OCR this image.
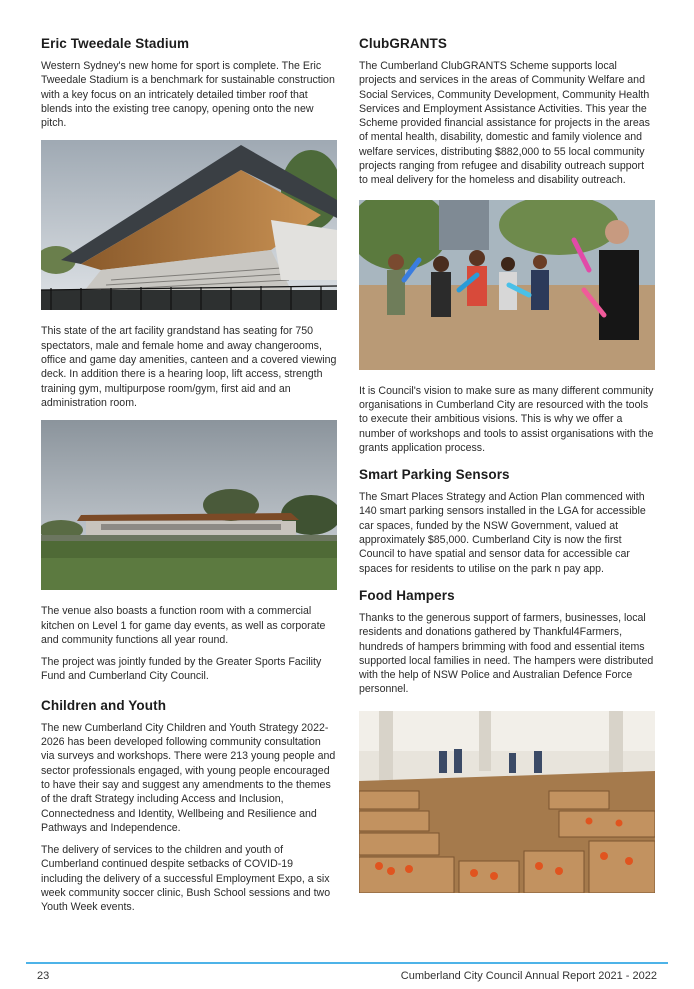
Eric Tweedale Stadium

Western Sydney's new home for sport is complete. The Eric Tweedale Stadium is a benchmark for sustainable construction with a key focus on an intricately detailed timber roof that blends into the existing tree canopy, opening onto the new pitch.

This state of the art facility grandstand has seating for 750 spectators, male and female home and away changerooms, office and game day amenities, canteen and a covered viewing deck. In addition there is a hearing loop, lift access, strength training gym, multipurpose room/gym, first aid and an administration room.

The venue also boasts a function room with a commercial kitchen on Level 1 for game day events, as well as corporate and community functions all year round.

The project was jointly funded by the Greater Sports Facility Fund and Cumberland City Council.

Children and Youth

The new Cumberland City Children and Youth Strategy 2022-2026 has been developed following community consultation via surveys and workshops. There were 213 young people and sector professionals engaged, with young people encouraged to have their say and suggest any amendments to the themes of the draft Strategy including Access and Inclusion, Connectedness and Identity, Wellbeing and Resilience and Pathways and Independence.

The delivery of services to the children and youth of Cumberland continued despite setbacks of COVID-19 including the delivery of a successful Employment Expo, a six week community soccer clinic, Bush School sessions and two Youth Week events.

ClubGRANTS

The Cumberland ClubGRANTS Scheme supports local projects and services in the areas of Community Welfare and Social Services, Community Development, Community Health Services and Employment Assistance Activities. This year the Scheme provided financial assistance for projects in the areas of mental health, disability, domestic and family violence and welfare services, distributing $882,000 to 55 local community projects ranging from refugee and disability outreach support to meal delivery for the homeless and disability outreach.

It is Council's vision to make sure as many different community organisations in Cumberland City are resourced with the tools to execute their ambitious visions. This is why we offer a number of workshops and tools to assist organisations with the grants application process.

Smart Parking Sensors

The Smart Places Strategy and Action Plan commenced with 140 smart parking sensors installed in the LGA for accessible car spaces, funded by the NSW Government, valued at approximately $85,000. Cumberland City is now the first Council to have spatial and sensor data for accessible car spaces for residents to utilise on the park n pay app.

Food Hampers

Thanks to the generous support of farmers, businesses, local residents and donations gathered by Thankful4Farmers, hundreds of hampers brimming with food and essential items supported local families in need. The hampers were distributed with the help of NSW Police and Australian Defence Force personnel.

23	Cumberland City Council Annual Report 2021 - 2022
